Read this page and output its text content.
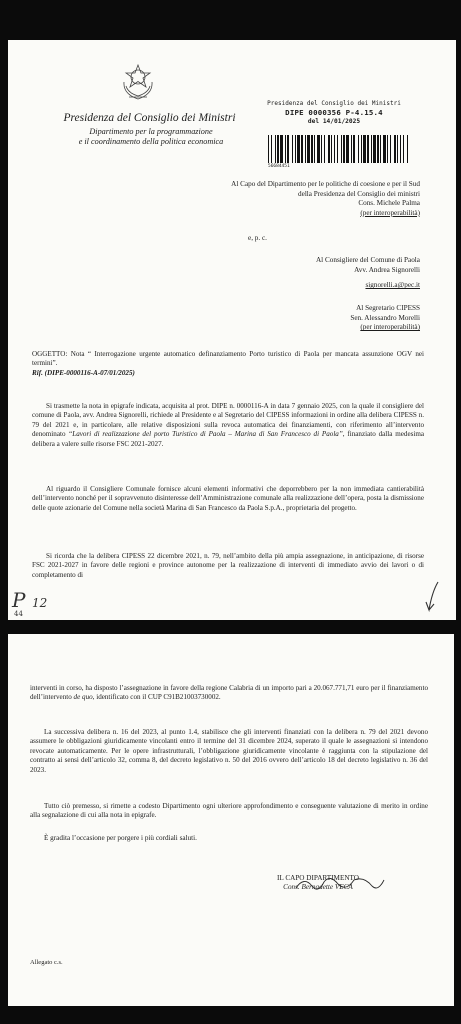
Presidenza del Consiglio dei Ministri
Dipartimento per la programmazione
e il coordinamento della politica economica
Presidenza del Consiglio dei Ministri
DIPE 0000356 P-4.15.4
del 14/01/2025
56684451
Al Capo del Dipartimento per le politiche di coesione e per il Sud
della Presidenza del Consiglio dei ministri
Cons. Michele Palma
(per interoperabilità)
e, p. c.
Al Consigliere del Comune di Paola
Avv. Andrea Signorelli
signorelli.a@pec.it
Al Segretario CIPESS
Sen. Alessandro Morelli
(per interoperabilità)
OGGETTO: Nota “ Interrogazione urgente automatico definanziamento Porto turistico di Paola per mancata assunzione OGV nei termini”.
Rif. (DIPE-0000116-A-07/01/2025)
Si trasmette la nota in epigrafe indicata, acquisita al prot. DIPE n. 0000116-A in data 7 gennaio 2025, con la quale il consigliere del comune di Paola, avv. Andrea Signorelli, richiede al Presidente e al Segretario del CIPESS informazioni in ordine alla delibera CIPESS n. 79 del 2021 e, in particolare, alle relative disposizioni sulla revoca automatica dei finanziamenti, con riferimento all’intervento denominato “Lavori di realizzazione del porto Turistico di Paola – Marina di San Francesco di Paola”, finanziato dalla medesima delibera a valere sulle risorse FSC 2021-2027.
Al riguardo il Consigliere Comunale fornisce alcuni elementi informativi che deporrebbero per la non immediata cantierabilità dell’intervento nonché per il sopravvenuto disinteresse dell’Amministrazione comunale alla realizzazione dell’opera, posta la dismissione delle quote azionarie del Comune nella società Marina di San Francesco da Paola S.p.A., proprietaria del progetto.
Si ricorda che la delibera CIPESS 22 dicembre 2021, n. 79, nell’ambito della più ampia assegnazione, in anticipazione, di risorse FSC 2021-2027 in favore delle regioni e province autonome per la realizzazione di interventi di immediato avvio dei lavori o di completamento di
P 12
44
interventi in corso, ha disposto l’assegnazione in favore della regione Calabria di un importo pari a 20.067.771,71 euro per il finanziamento dell’intervento de quo, identificato con il CUP C91B21003730002.
La successiva delibera n. 16 del 2023, al punto 1.4, stabilisce che gli interventi finanziati con la delibera n. 79 del 2021 devono assumere le obbligazioni giuridicamente vincolanti entro il termine del 31 dicembre 2024, superato il quale le assegnazioni si intendono revocate automaticamente. Per le opere infrastrutturali, l’obbligazione giuridicamente vincolante è raggiunta con la stipulazione del contratto ai sensi dell’articolo 32, comma 8, del decreto legislativo n. 50 del 2016 ovvero dell’articolo 18 del decreto legislativo n. 36 del 2023.
Tutto ciò premesso, si rimette a codesto Dipartimento ogni ulteriore approfondimento e conseguente valutazione di merito in ordine alla segnalazione di cui alla nota in epigrafe.
È gradita l’occasione per porgere i più cordiali saluti.
IL CAPO DIPARTIMENTO
Cons. Bernadette VECA
Allegato c.s.
